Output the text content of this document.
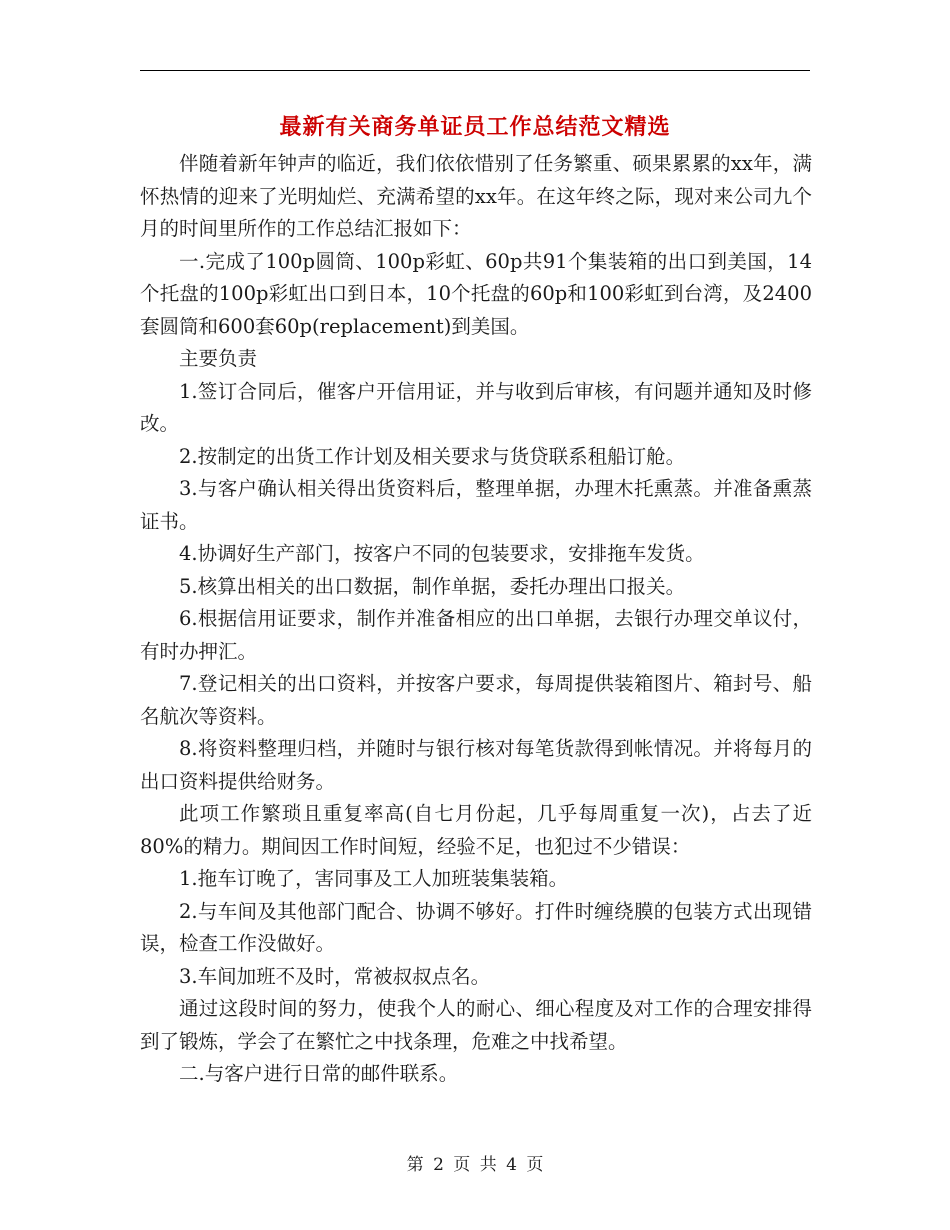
最新有关商务单证员工作总结范文精选

伴随着新年钟声的临近，我们依依惜别了任务繁重、硕果累累的xx年，满怀热情的迎来了光明灿烂、充满希望的xx年。在这年终之际，现对来公司九个月的时间里所作的工作总结汇报如下：

一.完成了100p圆筒、100p彩虹、60p共91个集装箱的出口到美国，14个托盘的100p彩虹出口到日本，10个托盘的60p和100彩虹到台湾，及2400套圆筒和600套60p(replacement)到美国。

主要负责

1.签订合同后，催客户开信用证，并与收到后审核，有问题并通知及时修改。

2.按制定的出货工作计划及相关要求与货贷联系租船订舱。

3.与客户确认相关得出货资料后，整理单据，办理木托熏蒸。并准备熏蒸证书。

4.协调好生产部门，按客户不同的包装要求，安排拖车发货。

5.核算出相关的出口数据，制作单据，委托办理出口报关。

6.根据信用证要求，制作并准备相应的出口单据，去银行办理交单议付，有时办押汇。

7.登记相关的出口资料，并按客户要求，每周提供装箱图片、箱封号、船名航次等资料。

8.将资料整理归档，并随时与银行核对每笔货款得到帐情况。并将每月的出口资料提供给财务。

此项工作繁琐且重复率高(自七月份起，几乎每周重复一次)，占去了近80%的精力。期间因工作时间短，经验不足，也犯过不少错误：

1.拖车订晚了，害同事及工人加班装集装箱。

2.与车间及其他部门配合、协调不够好。打件时缠绕膜的包装方式出现错误，检查工作没做好。

3.车间加班不及时，常被叔叔点名。

通过这段时间的努力，使我个人的耐心、细心程度及对工作的合理安排得到了锻炼，学会了在繁忙之中找条理，危难之中找希望。

二.与客户进行日常的邮件联系。

第 2 页 共 4 页
